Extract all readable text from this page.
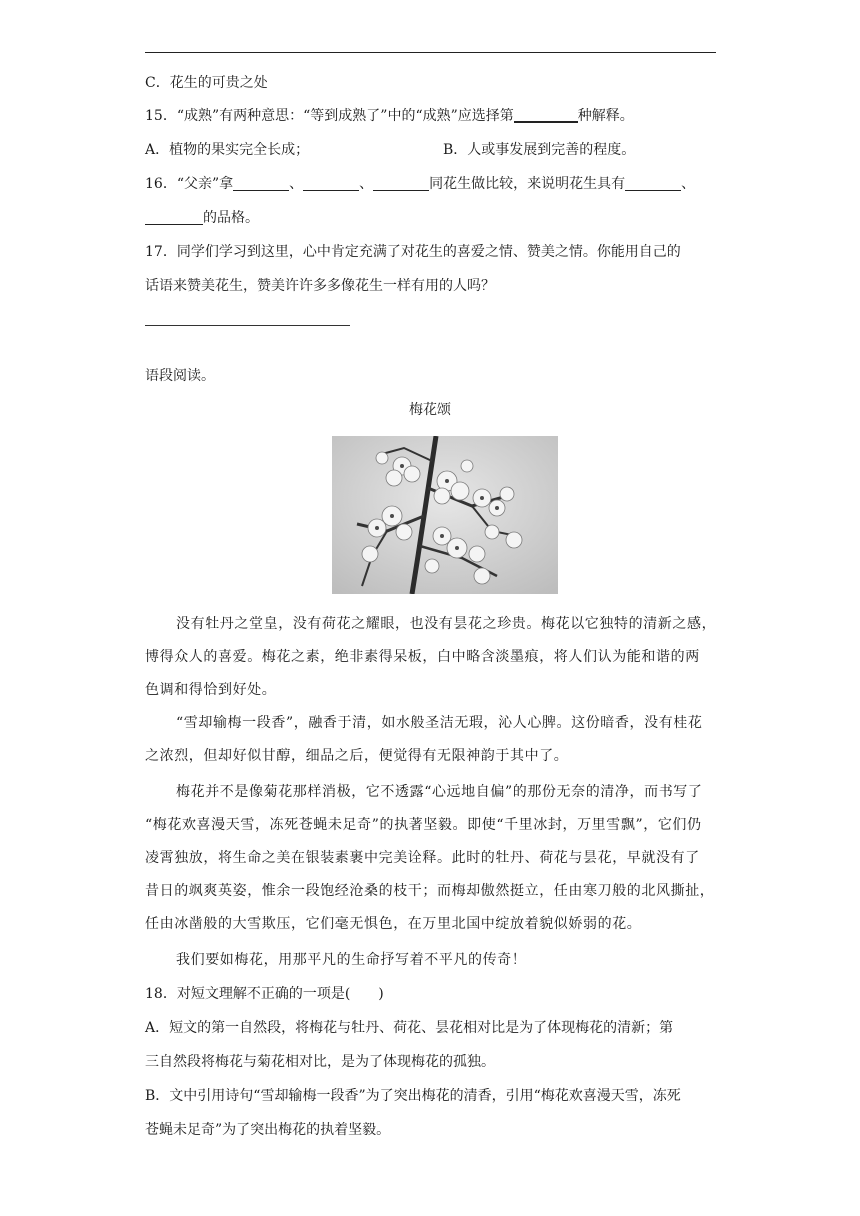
C．花生的可贵之处
15．“成熟”有两种意思：“等到成熟了”中的“成熟”应选择第	种解释。
A．植物的果实完全长成；	B．人或事发展到完善的程度。
16．“父亲”拿	、	、	同花生做比较，来说明花生具有	、
的品格。
17．同学们学习到这里，心中肯定充满了对花生的喜爱之情、赞美之情。你能用自己的
话语来赞美花生，赞美许许多多像花生一样有用的人吗？
语段阅读。
梅花颂
没有牡丹之堂皇，没有荷花之耀眼，也没有昙花之珍贵。梅花以它独特的清新之感，
博得众人的喜爱。梅花之素，绝非素得呆板，白中略含淡墨痕，将人们认为能和谐的两
色调和得恰到好处。
“雪却输梅一段香”，融香于清，如水般圣洁无瑕，沁人心脾。这份暗香，没有桂花
之浓烈，但却好似甘醇，细品之后，便觉得有无限神韵于其中了。
梅花并不是像菊花那样消极，它不透露“心远地自偏”的那份无奈的清净，而书写了
“梅花欢喜漫天雪，冻死苍蝇未足奇”的执著坚毅。即使“千里冰封，万里雪飘”，它们仍
凌霄独放，将生命之美在银装素裹中完美诠释。此时的牡丹、荷花与昙花，早就没有了
昔日的飒爽英姿，惟余一段饱经沧桑的枝干；而梅却傲然挺立，任由寒刀般的北风撕扯，
任由冰凿般的大雪欺压，它们毫无惧色，在万里北国中绽放着貌似娇弱的花。
我们要如梅花，用那平凡的生命抒写着不平凡的传奇！
18．对短文理解不正确的一项是(　　)
A．短文的第一自然段，将梅花与牡丹、荷花、昙花相对比是为了体现梅花的清新；第
三自然段将梅花与菊花相对比，是为了体现梅花的孤独。
B．文中引用诗句“雪却输梅一段香”为了突出梅花的清香，引用“梅花欢喜漫天雪，冻死
苍蝇未足奇”为了突出梅花的执着坚毅。
